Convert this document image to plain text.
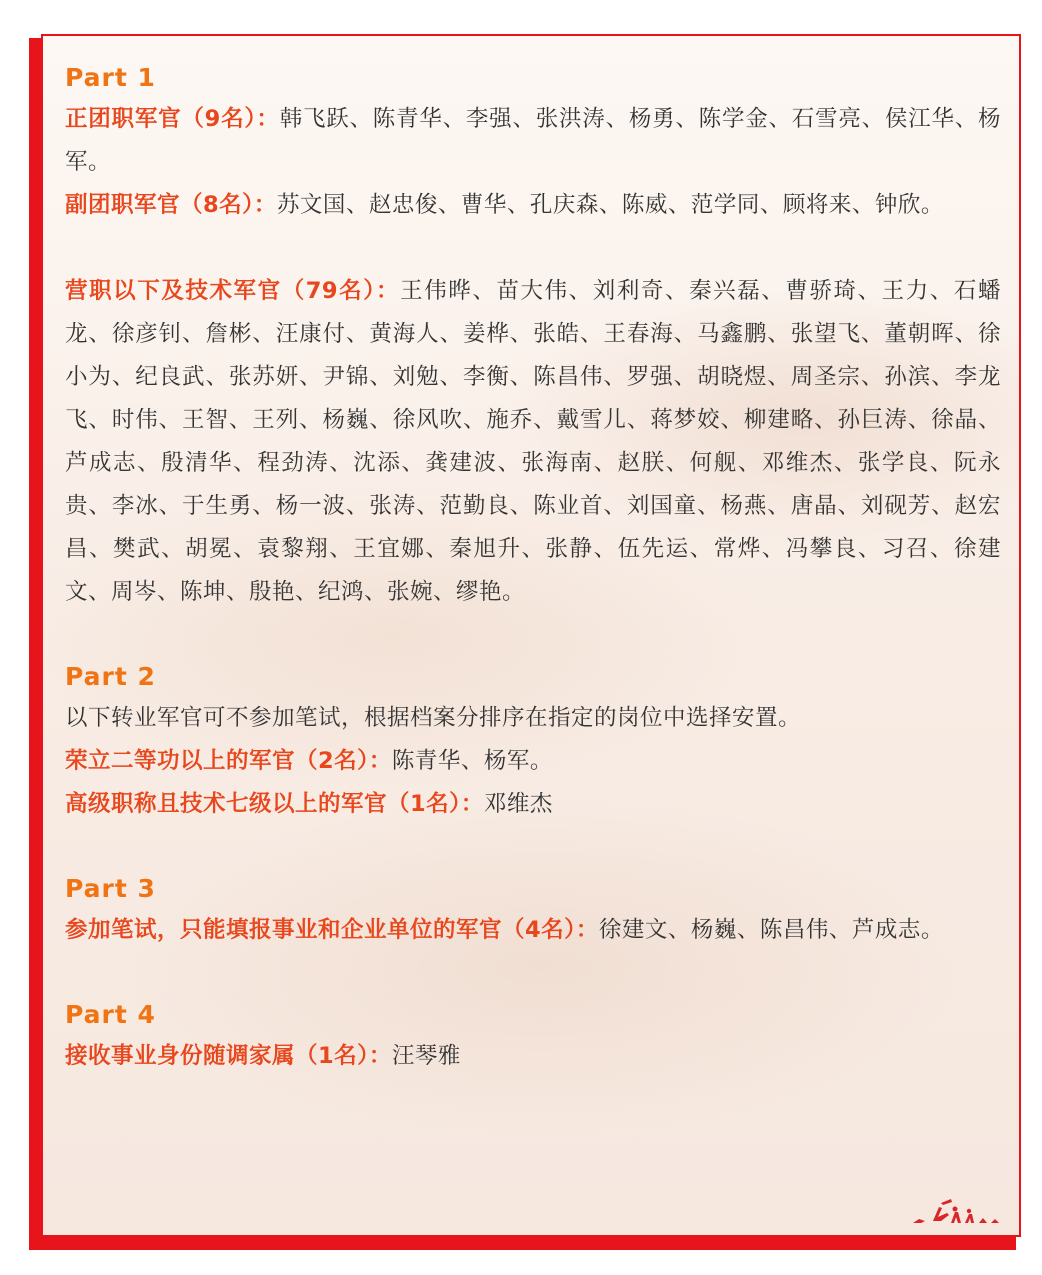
Part 1
正团职军官（9名）：韩飞跃、陈青华、李强、张洪涛、杨勇、陈学金、石雪亮、侯江华、杨军。
副团职军官（8名）：苏文国、赵忠俊、曹华、孔庆森、陈威、范学同、顾将来、钟欣。
营职以下及技术军官（79名）：王伟晔、苗大伟、刘利奇、秦兴磊、曹骄琦、王力、石蟠龙、徐彦钊、詹彬、汪康付、黄海人、姜桦、张皓、王春海、马鑫鹏、张望飞、董朝晖、徐小为、纪良武、张苏妍、尹锦、刘勉、李衡、陈昌伟、罗强、胡晓煜、周圣宗、孙滨、李龙飞、时伟、王智、王列、杨巍、徐风吹、施乔、戴雪儿、蒋梦姣、柳建略、孙巨涛、徐晶、芦成志、殷清华、程劲涛、沈添、龚建波、张海南、赵朕、何舰、邓维杰、张学良、阮永贵、李冰、于生勇、杨一波、张涛、范勤良、陈业首、刘国童、杨燕、唐晶、刘砚芳、赵宏昌、樊武、胡冕、袁黎翔、王宜娜、秦旭升、张静、伍先运、常烨、冯攀良、习召、徐建文、周岑、陈坤、殷艳、纪鸿、张婉、缪艳。
Part 2
以下转业军官可不参加笔试，根据档案分排序在指定的岗位中选择安置。
荣立二等功以上的军官（2名）：陈青华、杨军。
高级职称且技术七级以上的军官（1名）：邓维杰
Part 3
参加笔试，只能填报事业和企业单位的军官（4名）：徐建文、杨巍、陈昌伟、芦成志。
Part 4
接收事业身份随调家属（1名）：汪琴雅
